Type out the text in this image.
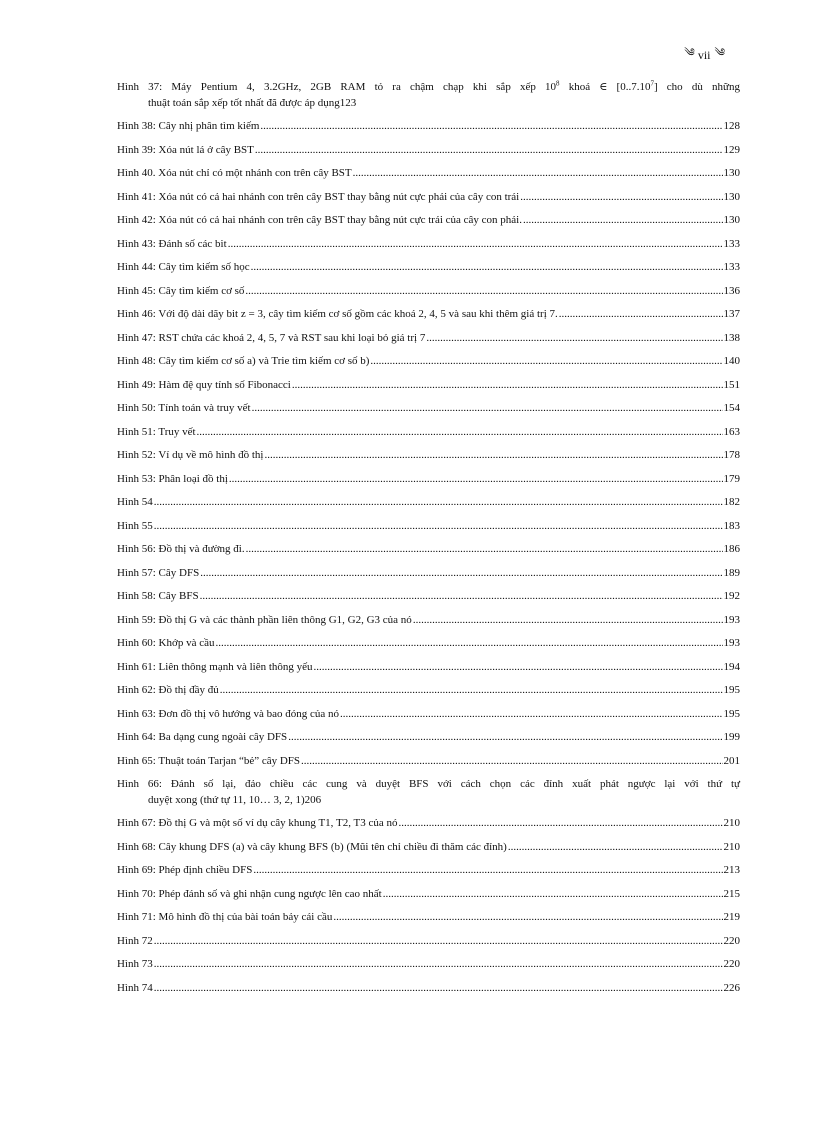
༄ vii ༄
Hình 37: Máy Pentium 4, 3.2GHz, 2GB RAM tỏ ra chậm chạp khi sắp xếp $10^8$ khoá ∈ [0..7.10$^7$] cho dù những
thuật toán sắp xếp tốt nhất đã được áp dụng 123
Hình 38: Cây nhị phân tìm kiếm .....	128
Hình 39: Xóa nút lá ở cây BST .....	129
Hình 40. Xóa nút chỉ có một nhánh con trên cây BST .....	130
Hình 41: Xóa nút có cả hai nhánh con trên cây BST thay bằng nút cực phải của cây con trái .....	130
Hình 42: Xóa nút có cả hai nhánh con trên cây BST thay bằng nút cực trái của cây con phải. .....	130
Hình 43: Đánh số các bit .....	133
Hình 44: Cây tìm kiếm số học .....	133
Hình 45: Cây tìm kiếm cơ số .....	136
Hình 46: Với độ dài dãy bit z = 3, cây tìm kiếm cơ số gồm các khoá 2, 4, 5 và sau khi thêm giá trị 7. .....	137
Hình 47: RST chứa các khoá 2, 4, 5, 7 và RST sau khi loại bỏ giá trị 7 .....	138
Hình 48: Cây tìm kiếm cơ số a) và Trie tìm kiếm cơ số b) .....	140
Hình 49: Hàm đệ quy tính số Fibonacci .....	151
Hình 50: Tính toán và truy vết .....	154
Hình 51: Truy vết .....	163
Hình 52: Ví dụ về mô hình đồ thị .....	178
Hình 53: Phân loại đồ thị .....	179
Hình 54 .....	182
Hình 55 .....	183
Hình 56: Đồ thị và đường đi. .....	186
Hình 57: Cây DFS .....	189
Hình 58: Cây BFS .....	192
Hình 59: Đồ thị G và các thành phần liên thông G1, G2, G3 của nó .....	193
Hình 60: Khớp và cầu .....	193
Hình 61: Liên thông mạnh và liên thông yếu .....	194
Hình 62: Đồ thị đầy đủ .....	195
Hình 63: Đơn đồ thị vô hướng và bao đóng của nó .....	195
Hình 64: Ba dạng cung ngoài cây DFS .....	199
Hình 65: Thuật toán Tarjan “bẻ” cây DFS .....	201
Hình 66: Đánh số lại, đảo chiều các cung và duyệt BFS với cách chọn các đỉnh xuất phát ngược lại với thứ tự
duyệt xong (thứ tự 11, 10… 3, 2, 1) 206
Hình 67: Đồ thị G và một số ví dụ cây khung T1, T2, T3 của nó .....	210
Hình 68: Cây khung DFS (a) và cây khung BFS (b) (Mũi tên chỉ chiều đi thăm các đỉnh) .....	210
Hình 69: Phép định chiều DFS .....	213
Hình 70: Phép đánh số và ghi nhận cung ngược lên cao nhất .....	215
Hình 71: Mô hình đồ thị của bài toán bảy cái cầu .....	219
Hình 72 .....	220
Hình 73 .....	220
Hình 74 .....	226
